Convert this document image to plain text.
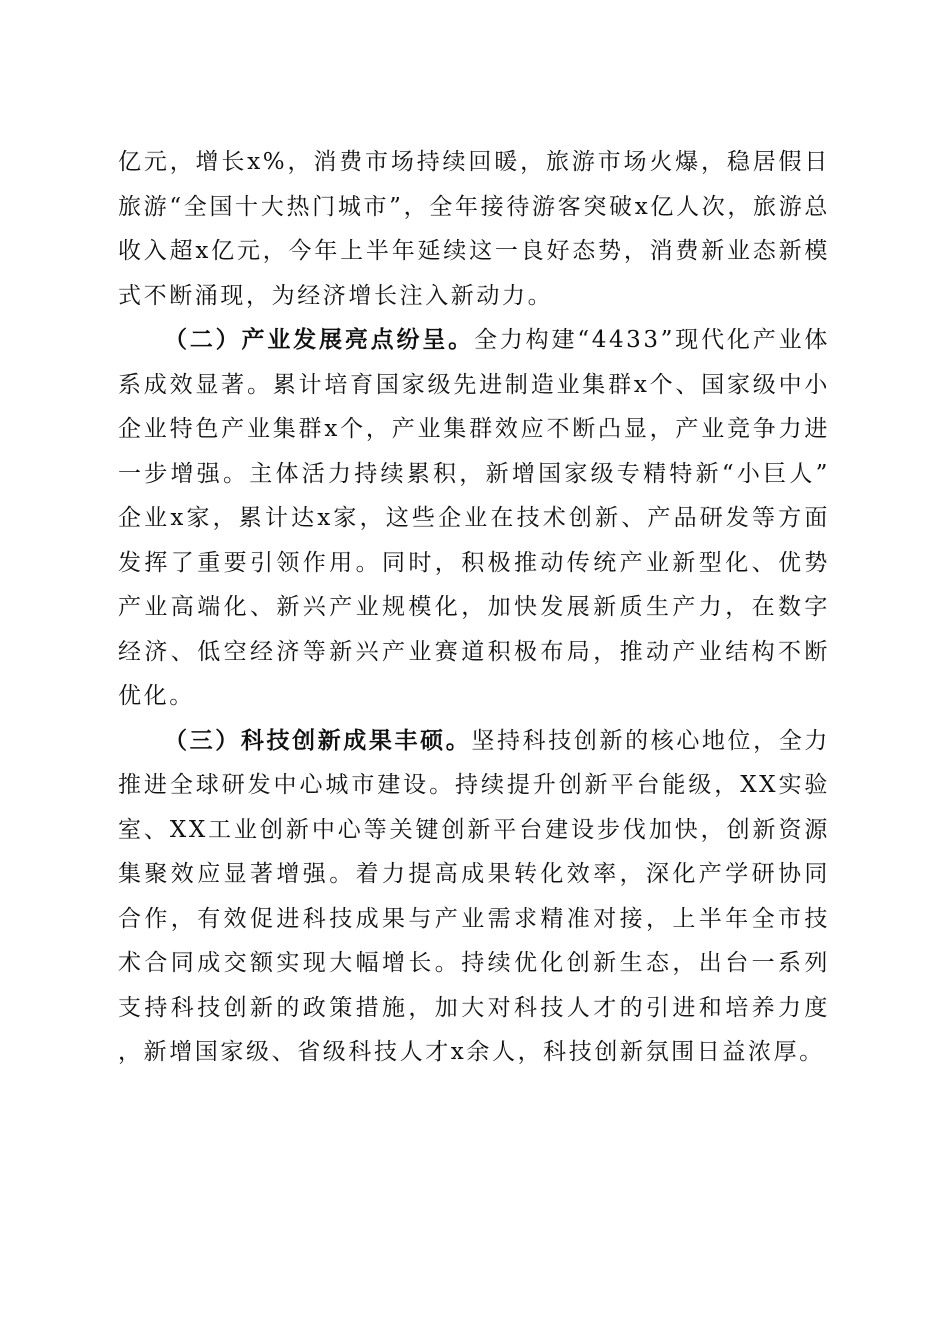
亿元，增长x%，消费市场持续回暖，旅游市场火爆，稳居假日旅游“全国十大热门城市”，全年接待游客突破x亿人次，旅游总收入超x亿元，今年上半年延续这一良好态势，消费新业态新模式不断涌现，为经济增长注入新动力。

（二）产业发展亮点纷呈。全力构建“4433”现代化产业体系成效显著。累计培育国家级先进制造业集群x个、国家级中小企业特色产业集群x个，产业集群效应不断凸显，产业竞争力进一步增强。主体活力持续累积，新增国家级专精特新“小巨人”企业x家，累计达x家，这些企业在技术创新、产品研发等方面发挥了重要引领作用。同时，积极推动传统产业新型化、优势产业高端化、新兴产业规模化，加快发展新质生产力，在数字经济、低空经济等新兴产业赛道积极布局，推动产业结构不断优化。

（三）科技创新成果丰硕。坚持科技创新的核心地位，全力推进全球研发中心城市建设。持续提升创新平台能级，XX实验室、XX工业创新中心等关键创新平台建设步伐加快，创新资源集聚效应显著增强。着力提高成果转化效率，深化产学研协同合作，有效促进科技成果与产业需求精准对接，上半年全市技术合同成交额实现大幅增长。持续优化创新生态，出台一系列支持科技创新的政策措施，加大对科技人才的引进和培养力度，新增国家级、省级科技人才x余人，科技创新氛围日益浓厚。
